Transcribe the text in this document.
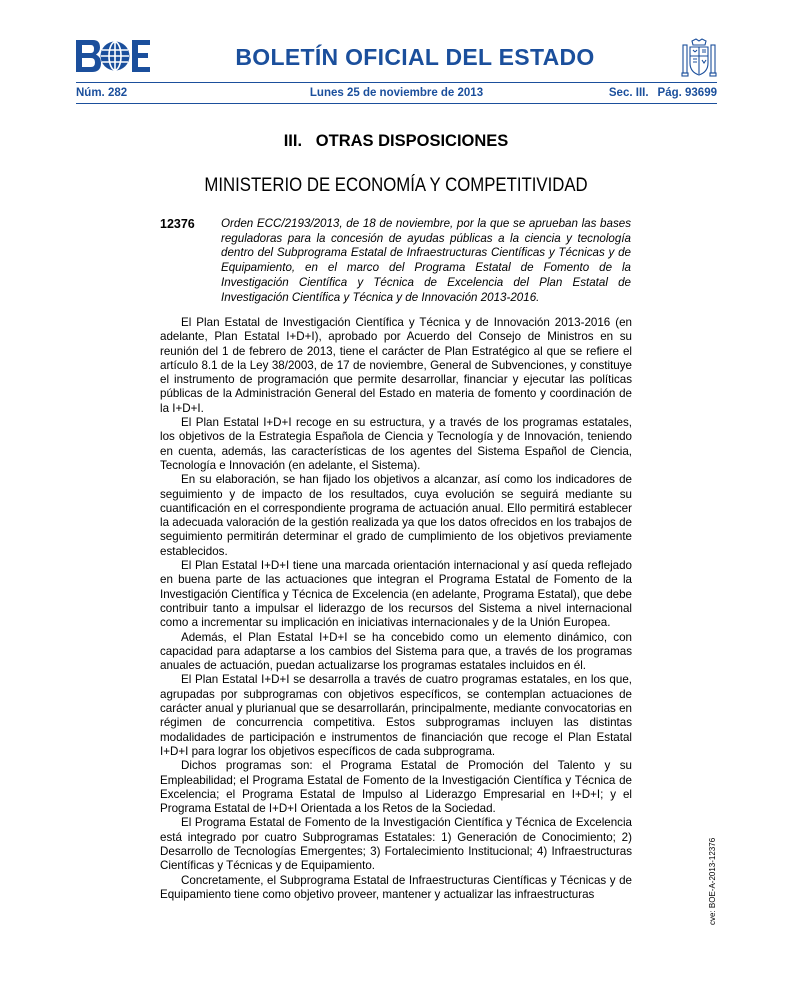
BOLETÍN OFICIAL DEL ESTADO
Núm. 282	Lunes 25 de noviembre de 2013	Sec. III. Pág. 93699
III.   OTRAS DISPOSICIONES
MINISTERIO DE ECONOMÍA Y COMPETITIVIDAD
12376 Orden ECC/2193/2013, de 18 de noviembre, por la que se aprueban las bases reguladoras para la concesión de ayudas públicas a la ciencia y tecnología dentro del Subprograma Estatal de Infraestructuras Científicas y Técnicas y de Equipamiento, en el marco del Programa Estatal de Fomento de la Investigación Científica y Técnica de Excelencia del Plan Estatal de Investigación Científica y Técnica y de Innovación 2013-2016.

El Plan Estatal de Investigación Científica y Técnica y de Innovación 2013-2016 (en adelante, Plan Estatal I+D+I), aprobado por Acuerdo del Consejo de Ministros en su reunión del 1 de febrero de 2013, tiene el carácter de Plan Estratégico al que se refiere el artículo 8.1 de la Ley 38/2003, de 17 de noviembre, General de Subvenciones, y constituye el instrumento de programación que permite desarrollar, financiar y ejecutar las políticas públicas de la Administración General del Estado en materia de fomento y coordinación de la I+D+I.

El Plan Estatal I+D+I recoge en su estructura, y a través de los programas estatales, los objetivos de la Estrategia Española de Ciencia y Tecnología y de Innovación, teniendo en cuenta, además, las características de los agentes del Sistema Español de Ciencia, Tecnología e Innovación (en adelante, el Sistema).

En su elaboración, se han fijado los objetivos a alcanzar, así como los indicadores de seguimiento y de impacto de los resultados, cuya evolución se seguirá mediante su cuantificación en el correspondiente programa de actuación anual. Ello permitirá establecer la adecuada valoración de la gestión realizada ya que los datos ofrecidos en los trabajos de seguimiento permitirán determinar el grado de cumplimiento de los objetivos previamente establecidos.

El Plan Estatal I+D+I tiene una marcada orientación internacional y así queda reflejado en buena parte de las actuaciones que integran el Programa Estatal de Fomento de la Investigación Científica y Técnica de Excelencia (en adelante, Programa Estatal), que debe contribuir tanto a impulsar el liderazgo de los recursos del Sistema a nivel internacional como a incrementar su implicación en iniciativas internacionales y de la Unión Europea.

Además, el Plan Estatal I+D+I se ha concebido como un elemento dinámico, con capacidad para adaptarse a los cambios del Sistema para que, a través de los programas anuales de actuación, puedan actualizarse los programas estatales incluidos en él.

El Plan Estatal I+D+I se desarrolla a través de cuatro programas estatales, en los que, agrupadas por subprogramas con objetivos específicos, se contemplan actuaciones de carácter anual y plurianual que se desarrollarán, principalmente, mediante convocatorias en régimen de concurrencia competitiva. Estos subprogramas incluyen las distintas modalidades de participación e instrumentos de financiación que recoge el Plan Estatal I+D+I para lograr los objetivos específicos de cada subprograma.

Dichos programas son: el Programa Estatal de Promoción del Talento y su Empleabilidad; el Programa Estatal de Fomento de la Investigación Científica y Técnica de Excelencia; el Programa Estatal de Impulso al Liderazgo Empresarial en I+D+I; y el Programa Estatal de I+D+I Orientada a los Retos de la Sociedad.

El Programa Estatal de Fomento de la Investigación Científica y Técnica de Excelencia está integrado por cuatro Subprogramas Estatales: 1) Generación de Conocimiento; 2) Desarrollo de Tecnologías Emergentes; 3) Fortalecimiento Institucional; 4) Infraestructuras Científicas y Técnicas y de Equipamiento.

Concretamente, el Subprograma Estatal de Infraestructuras Científicas y Técnicas y de Equipamiento tiene como objetivo proveer, mantener y actualizar las infraestructuras	cve: BOE-A-2013-12376
